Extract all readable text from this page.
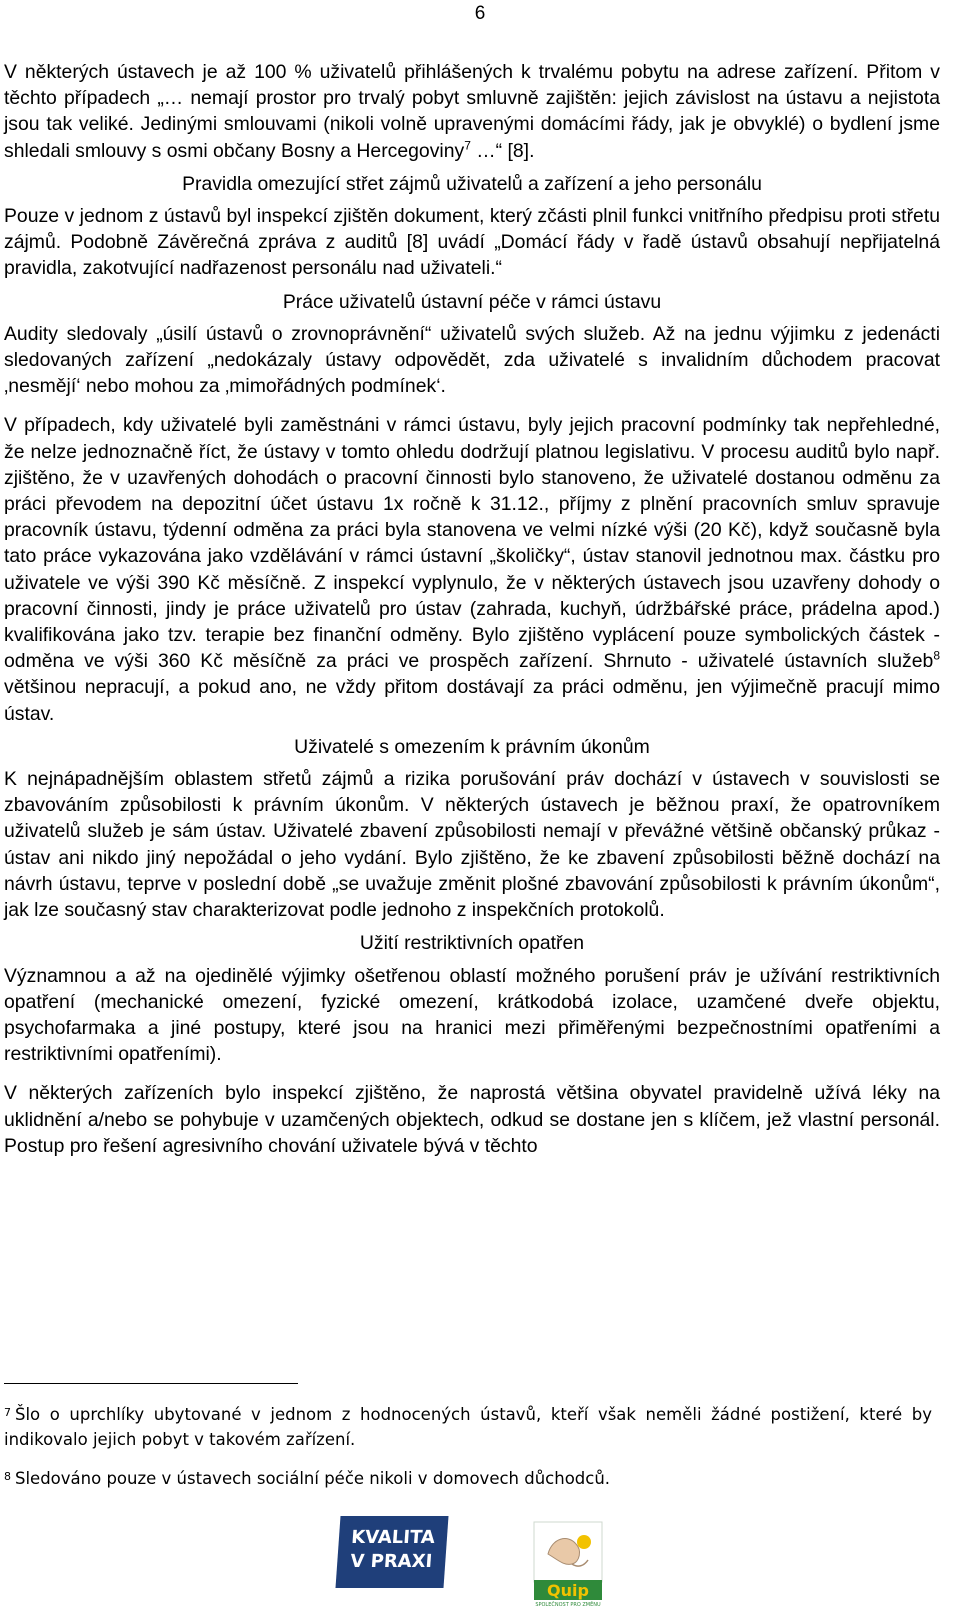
6

V některých ústavech je až 100 % uživatelů přihlášených k trvalému pobytu na adrese zařízení. Přitom v těchto případech „… nemají prostor pro trvalý pobyt smluvně zajištěn: jejich závislost na ústavu a nejistota jsou tak veliké. Jedinými smlouvami (nikoli volně upravenými domácími řády, jak je obvyklé) o bydlení jsme shledali smlouvy s osmi občany Bosny a Hercegoviny$^7$ …“ [8].

Pravidla omezující střet zájmů uživatelů a zařízení a jeho personálu

Pouze v jednom z ústavů byl inspekcí zjištěn dokument, který zčásti plnil funkci vnitřního předpisu proti střetu zájmů. Podobně Závěrečná zpráva z auditů [8] uvádí „Domácí řády v řadě ústavů obsahují nepřijatelná pravidla, zakotvující nadřazenost personálu nad uživateli.“

Práce uživatelů ústavní péče v rámci ústavu

Audity sledovaly „úsilí ústavů o zrovnoprávnění“ uživatelů svých služeb. Až na jednu výjimku z jedenácti sledovaných zařízení „nedokázaly ústavy odpovědět, zda uživatelé s invalidním důchodem pracovat ‚nesmějí‘ nebo mohou za ‚mimořádných podmínek‘.

V případech, kdy uživatelé byli zaměstnáni v rámci ústavu, byly jejich pracovní podmínky tak nepřehledné, že nelze jednoznačně říct, že ústavy v tomto ohledu dodržují platnou legislativu. V procesu auditů bylo např. zjištěno, že v uzavřených dohodách o pracovní činnosti bylo stanoveno, že uživatelé dostanou odměnu za práci převodem na depozitní účet ústavu 1x ročně k 31.12., příjmy z plnění pracovních smluv spravuje pracovník ústavu, týdenní odměna za práci byla stanovena ve velmi nízké výši (20 Kč), když současně byla tato práce vykazována jako vzdělávání v rámci ústavní „školičky“, ústav stanovil jednotnou max. částku pro uživatele ve výši 390 Kč měsíčně. Z inspekcí vyplynulo, že v některých ústavech jsou uzavřeny dohody o pracovní činnosti, jindy je práce uživatelů pro ústav (zahrada, kuchyň, údržbářské práce, prádelna apod.) kvalifikována jako tzv. terapie bez finanční odměny. Bylo zjištěno vyplácení pouze symbolických částek - odměna ve výši 360 Kč měsíčně za práci ve prospěch zařízení. Shrnuto - uživatelé ústavních služeb$^8$ většinou nepracují, a pokud ano, ne vždy přitom dostávají za práci odměnu, jen výjimečně pracují mimo ústav.

Uživatelé s omezením k právním úkonům

K nejnápadnějším oblastem střetů zájmů a rizika porušování práv dochází v ústavech v souvislosti se zbavováním způsobilosti k právním úkonům. V některých ústavech je běžnou praxí, že opatrovníkem uživatelů služeb je sám ústav. Uživatelé zbavení způsobilosti nemají v převážné většině občanský průkaz - ústav ani nikdo jiný nepožádal o jeho vydání. Bylo zjištěno, že ke zbavení způsobilosti běžně dochází na návrh ústavu, teprve v poslední době „se uvažuje změnit plošné zbavování způsobilosti k právním úkonům“, jak lze současný stav charakterizovat podle jednoho z inspekčních protokolů.

Užití restriktivních opatřen

Významnou a až na ojedinělé výjimky ošetřenou oblastí možného porušení práv je užívání restriktivních opatření (mechanické omezení, fyzické omezení, krátkodobá izolace, uzamčené dveře objektu, psychofarmaka a jiné postupy, které jsou na hranici mezi přiměřenými bezpečnostními opatřeními a restriktivními opatřeními).

V některých zařízeních bylo inspekcí zjištěno, že naprostá většina obyvatel pravidelně užívá léky na uklidnění a/nebo se pohybuje v uzamčených objektech, odkud se dostane jen s klíčem, jež vlastní personál. Postup pro řešení agresivního chování uživatele bývá v těchto

$^7$ Šlo o uprchlíky ubytované v jednom z hodnocených ústavů, kteří však neměli žádné postižení, které by indikovalo jejich pobyt v takovém zařízení.

$^8$ Sledováno pouze v ústavech sociální péče nikoli v domovech důchodců.

KVALITA
V PRAXI
Quip
SPOLEČNOST PRO ZMĚNU
